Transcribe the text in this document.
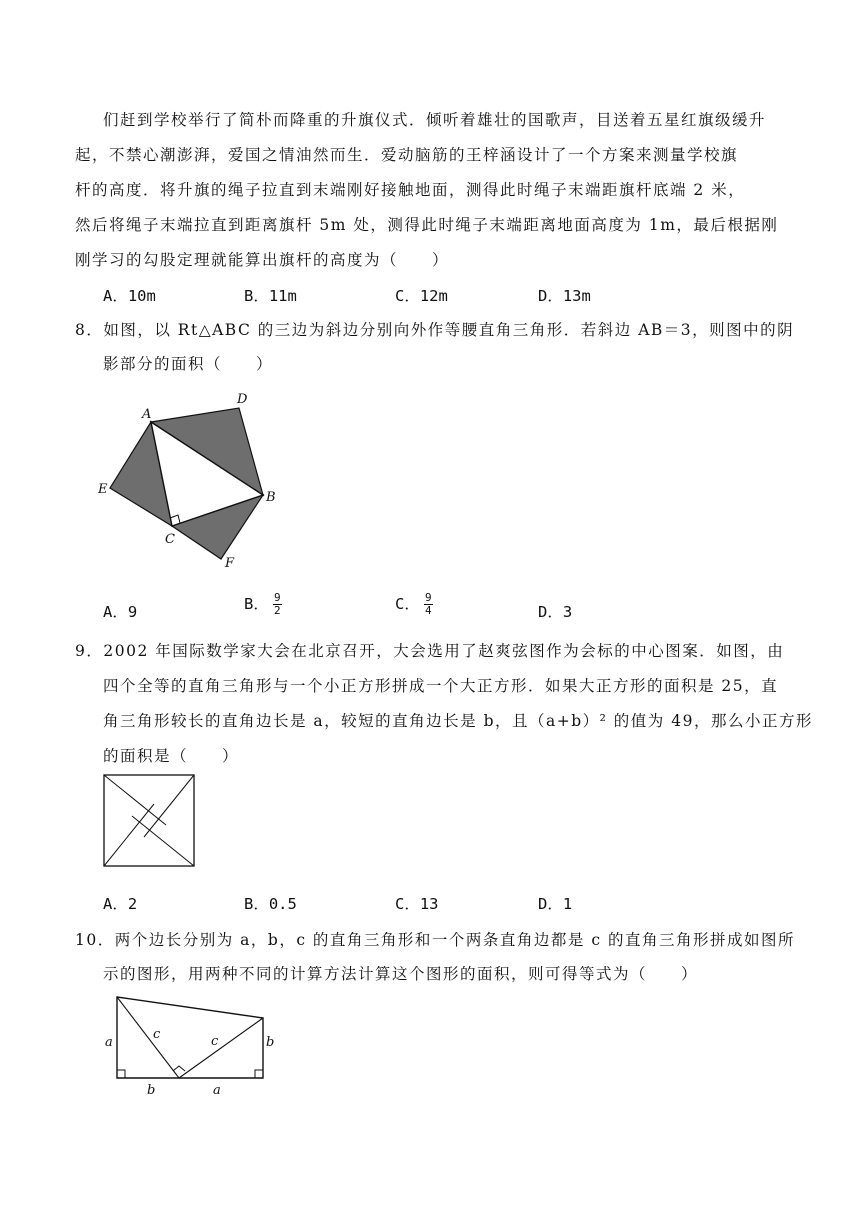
们赶到学校举行了简朴而降重的升旗仪式．倾听着雄壮的国歌声，目送着五星红旗级缓升
起，不禁心潮澎湃，爱国之情油然而生．爱动脑筋的王梓涵设计了一个方案来测量学校旗
杆的高度．将升旗的绳子拉直到末端刚好接触地面，测得此时绳子末端距旗杆底端 2 米，
然后将绳子末端拉直到距离旗杆 5m 处，测得此时绳子末端距离地面高度为 1m，最后根据刚
刚学习的勾股定理就能算出旗杆的高度为（　　）
A．10m	B．11m	C．12m	D．13m
8．如图，以 Rt△ABC 的三边为斜边分别向外作等腰直角三角形．若斜边 AB＝3，则图中的阴
影部分的面积（　　）
A
D
E
B
C
F
A．9	B． $\frac{9}{2}$	C． $\frac{9}{4}$	D．3
9．2002 年国际数学家大会在北京召开，大会选用了赵爽弦图作为会标的中心图案．如图，由
四个全等的直角三角形与一个小正方形拼成一个大正方形．如果大正方形的面积是 25，直
角三角形较长的直角边长是 a，较短的直角边长是 b，且（a+b）² 的值为 49，那么小正方形
的面积是（　　）
A．2	B．0.5	C．13	D．1
10．两个边长分别为 a，b，c 的直角三角形和一个两条直角边都是 c 的直角三角形拼成如图所
示的图形，用两种不同的计算方法计算这个图形的面积，则可得等式为（　　）
a
c	c	b
b	a
